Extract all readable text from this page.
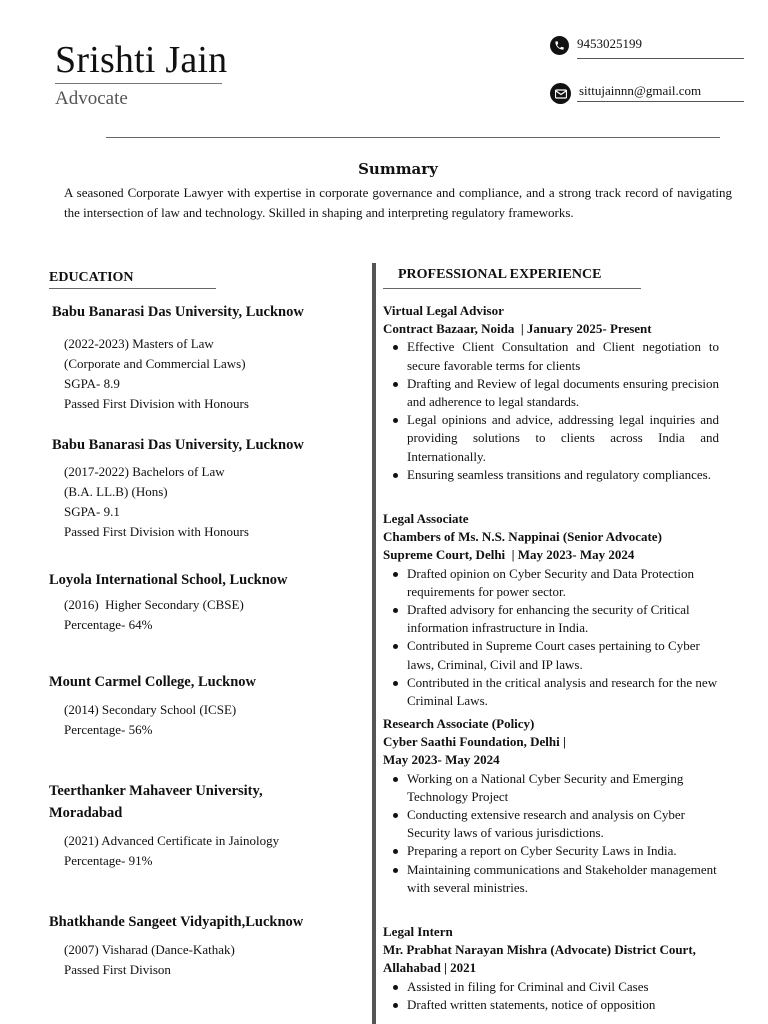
Srishti Jain
Advocate
9453025199
sittujainnn@gmail.com
Summary
A seasoned Corporate Lawyer with expertise in corporate governance and compliance, and a strong track record of navigating the intersection of law and technology. Skilled in shaping and interpreting regulatory frameworks.
EDUCATION
Babu Banarasi Das University, Lucknow
(2022-2023) Masters of Law
(Corporate and Commercial Laws)
SGPA- 8.9
Passed First Division with Honours
Babu Banarasi Das University, Lucknow
(2017-2022) Bachelors of Law
(B.A. LL.B) (Hons)
SGPA- 9.1
Passed First Division with Honours
Loyola International School, Lucknow
(2016)  Higher Secondary (CBSE)
Percentage- 64%
Mount Carmel College, Lucknow
(2014) Secondary School (ICSE)
Percentage- 56%
Teerthanker Mahaveer University, Moradabad
(2021) Advanced Certificate in Jainology
Percentage- 91%
Bhatkhande Sangeet Vidyapith,Lucknow
(2007) Visharad (Dance-Kathak)
Passed First Divison
PROFESSIONAL EXPERIENCE
Virtual Legal Advisor
Contract Bazaar, Noida  | January 2025- Present
Effective Client Consultation and Client negotiation to secure favorable terms for clients
Drafting and Review of legal documents ensuring precision and adherence to legal standards.
Legal opinions and advice, addressing legal inquiries and providing solutions to clients across India and Internationally.
Ensuring seamless transitions and regulatory compliances.
Legal Associate
Chambers of Ms. N.S. Nappinai (Senior Advocate)
Supreme Court, Delhi  | May 2023- May 2024
Drafted opinion on Cyber Security and Data Protection requirements for power sector.
Drafted advisory for enhancing the security of Critical information infrastructure in India.
Contributed in Supreme Court cases pertaining to Cyber laws, Criminal, Civil and IP laws.
Contributed in the critical analysis and research for the new Criminal Laws.
Research Associate (Policy)
Cyber Saathi Foundation, Delhi |
May 2023- May 2024
Working on a National Cyber Security and Emerging Technology Project
Conducting extensive research and analysis on Cyber Security laws of various jurisdictions.
Preparing a report on Cyber Security Laws in India.
Maintaining communications and Stakeholder management with several ministries.
Legal Intern
Mr. Prabhat Narayan Mishra (Advocate) District Court, Allahabad | 2021
Assisted in filing for Criminal and Civil Cases
Drafted written statements, notice of opposition
